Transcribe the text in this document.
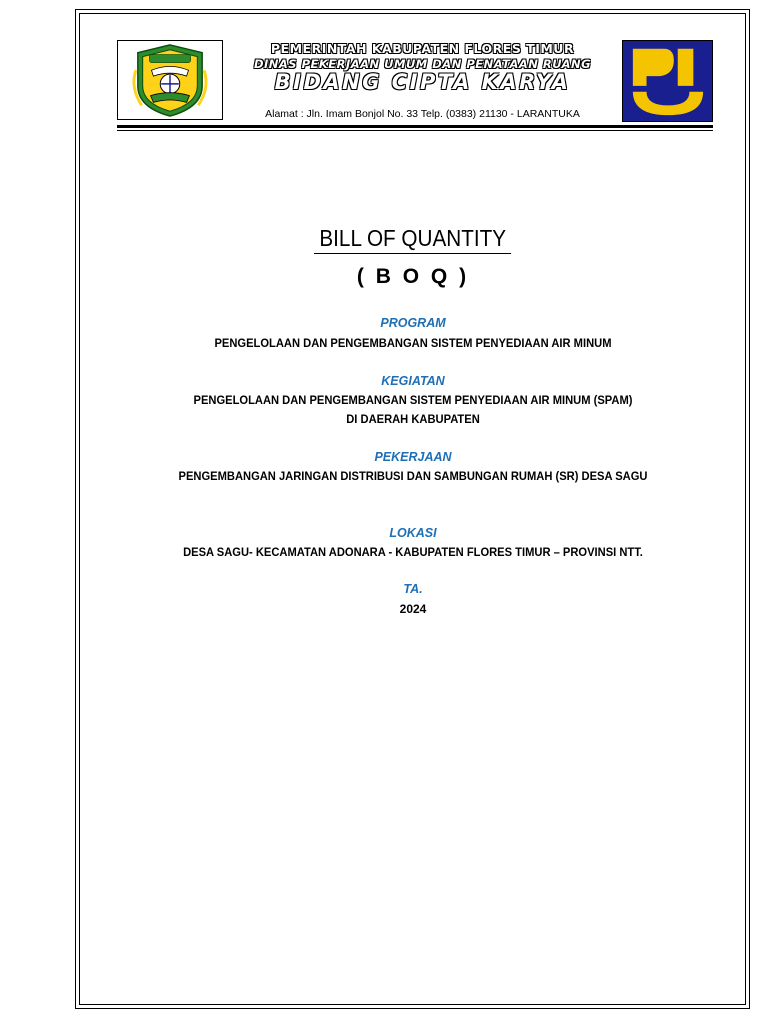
PEMERINTAH KABUPATEN FLORES TIMUR
DINAS PEKERJAAN UMUM DAN PENATAAN RUANG
BIDANG CIPTA KARYA
Alamat : Jln. Imam Bonjol No. 33 Telp. (0383) 21130 - LARANTUKA
BILL OF QUANTITY
( B O Q )
PROGRAM
PENGELOLAAN DAN PENGEMBANGAN SISTEM PENYEDIAAN AIR MINUM
KEGIATAN
PENGELOLAAN DAN PENGEMBANGAN SISTEM PENYEDIAAN AIR MINUM (SPAM)
DI DAERAH KABUPATEN
PEKERJAAN
PENGEMBANGAN JARINGAN DISTRIBUSI DAN SAMBUNGAN RUMAH (SR) DESA SAGU
LOKASI
DESA SAGU- KECAMATAN ADONARA - KABUPATEN FLORES TIMUR – PROVINSI NTT.
TA.
2024
